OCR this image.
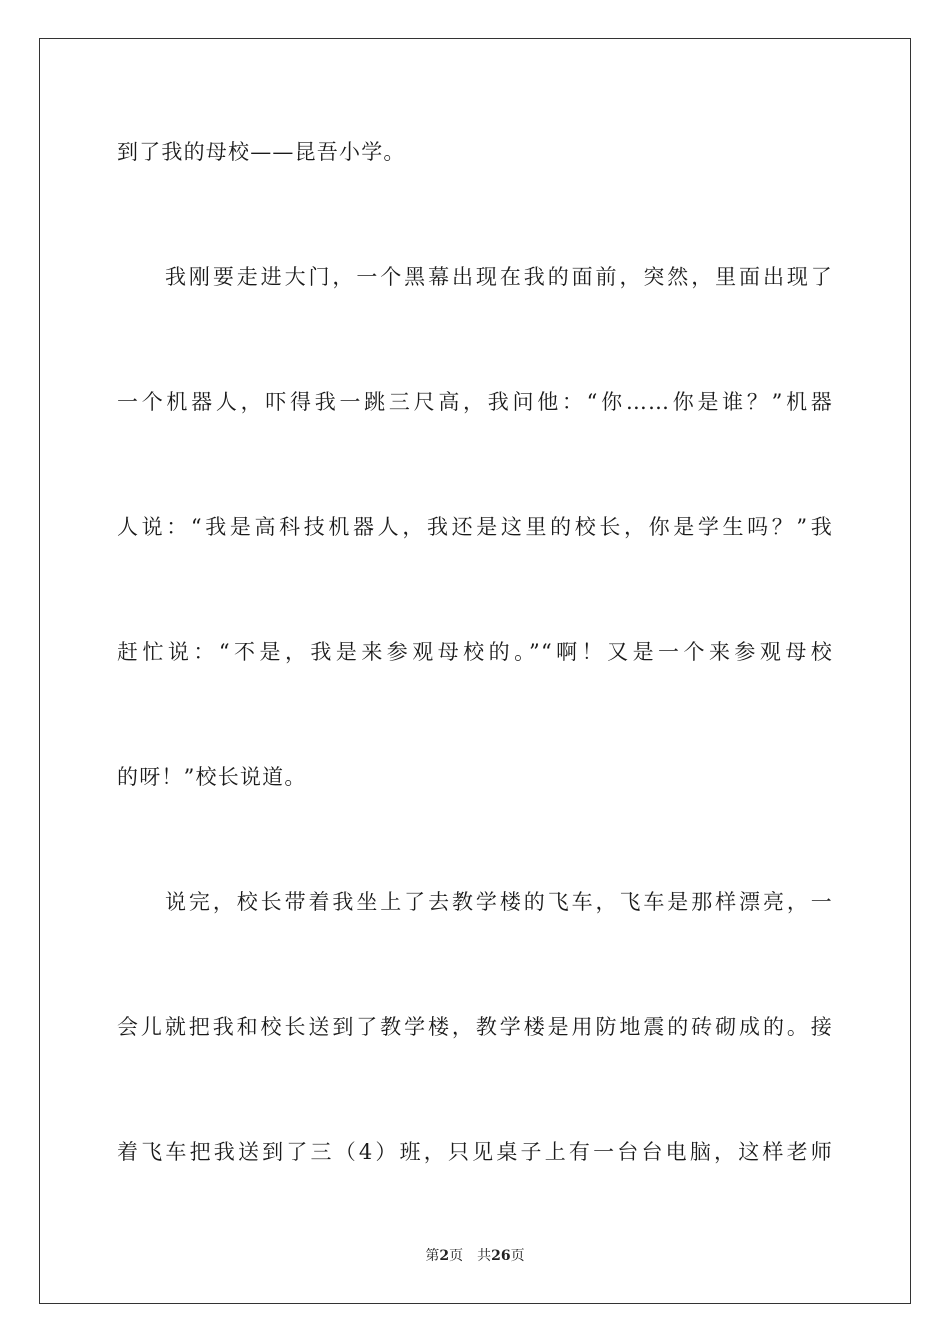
到了我的母校——昆吾小学。
我刚要走进大门，一个黑幕出现在我的面前，突然，里面出现了
一个机器人，吓得我一跳三尺高，我问他：“你……你是谁？”机器
人说：“我是高科技机器人，我还是这里的校长，你是学生吗？”我
赶忙说：“不是，我是来参观母校的。”“啊！又是一个来参观母校
的呀！”校长说道。
说完，校长带着我坐上了去教学楼的飞车，飞车是那样漂亮，一
会儿就把我和校长送到了教学楼，教学楼是用防地震的砖砌成的。接
着飞车把我送到了三（4）班，只见桌子上有一台台电脑，这样老师
第2页 共26页
